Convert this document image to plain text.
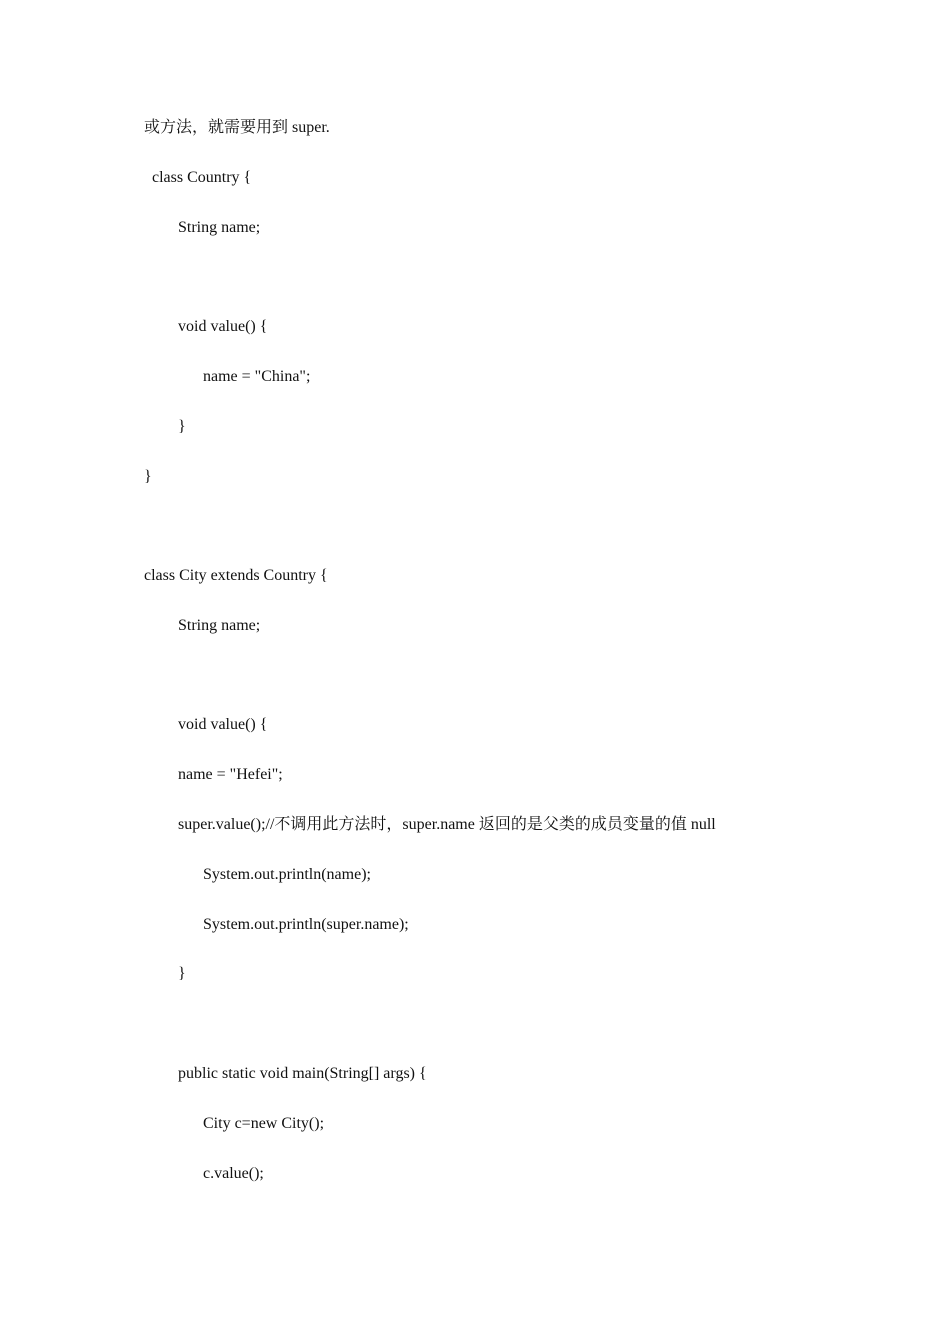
或方法，就需要用到 super.
class Country {
String name;
void value() {
name = "China";
}
}
class City extends Country {
String name;
void value() {
name = "Hefei";
super.value();//不调用此方法时，super.name 返回的是父类的成员变量的值 null
System.out.println(name);
System.out.println(super.name);
}
public static void main(String[] args) {
City c=new City();
c.value();
